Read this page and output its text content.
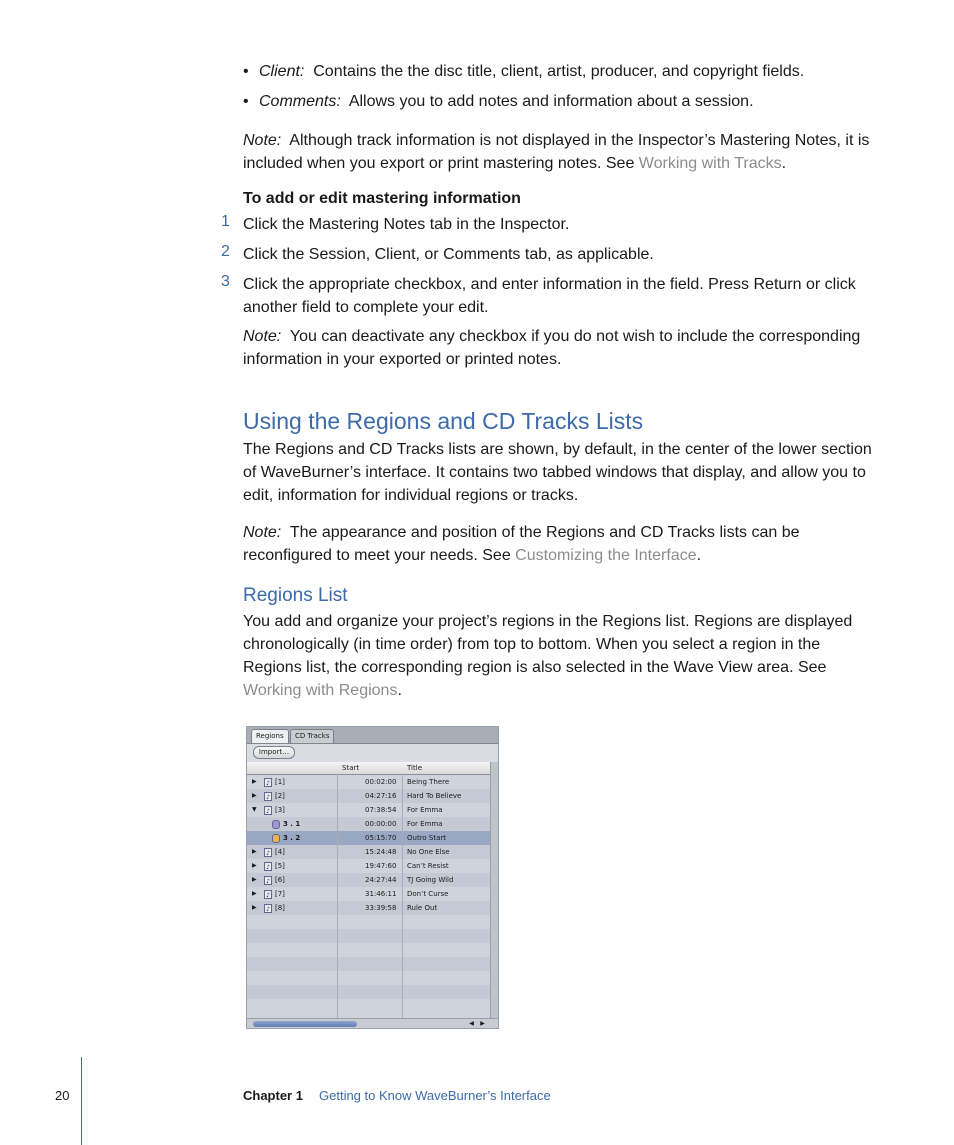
• Client: Contains the the disc title, client, artist, producer, and copyright fields.
• Comments: Allows you to add notes and information about a session.
Note: Although track information is not displayed in the Inspector’s Mastering Notes, it is included when you export or print mastering notes. See Working with Tracks.
To add or edit mastering information
1 Click the Mastering Notes tab in the Inspector.
2 Click the Session, Client, or Comments tab, as applicable.
3 Click the appropriate checkbox, and enter information in the field. Press Return or click another field to complete your edit.
Note: You can deactivate any checkbox if you do not wish to include the corresponding information in your exported or printed notes.
Using the Regions and CD Tracks Lists
The Regions and CD Tracks lists are shown, by default, in the center of the lower section of WaveBurner’s interface. It contains two tabbed windows that display, and allow you to edit, information for individual regions or tracks.
Note: The appearance and position of the Regions and CD Tracks lists can be reconfigured to meet your needs. See Customizing the Interface.
Regions List
You add and organize your project’s regions in the Regions list. Regions are displayed chronologically (in time order) from top to bottom. When you select a region in the Regions list, the corresponding region is also selected in the Wave View area. See Working with Regions.
Regions	CD Tracks
Import…
Start	Title
▶	♪ [1]	00:02:00 Being There
▶	♪ [2]	04:27:16 Hard To Believe
▼	♪ [3]	07:38:54 For Emma
3 . 1	00:00:00 For Emma
3 . 2	05:15:70 Outro Start
▶	♪ [4]	15:24:48 No One Else
▶	♪ [5]	19:47:60 Can’t Resist
▶	♪ [6]	24:27:44 TJ Going Wild
▶	♪ [7]	31:46:11 Don’t Curse
▶	♪ [8]	33:39:58 Rule Out
◀	▶
20	Chapter 1 Getting to Know WaveBurner’s Interface
